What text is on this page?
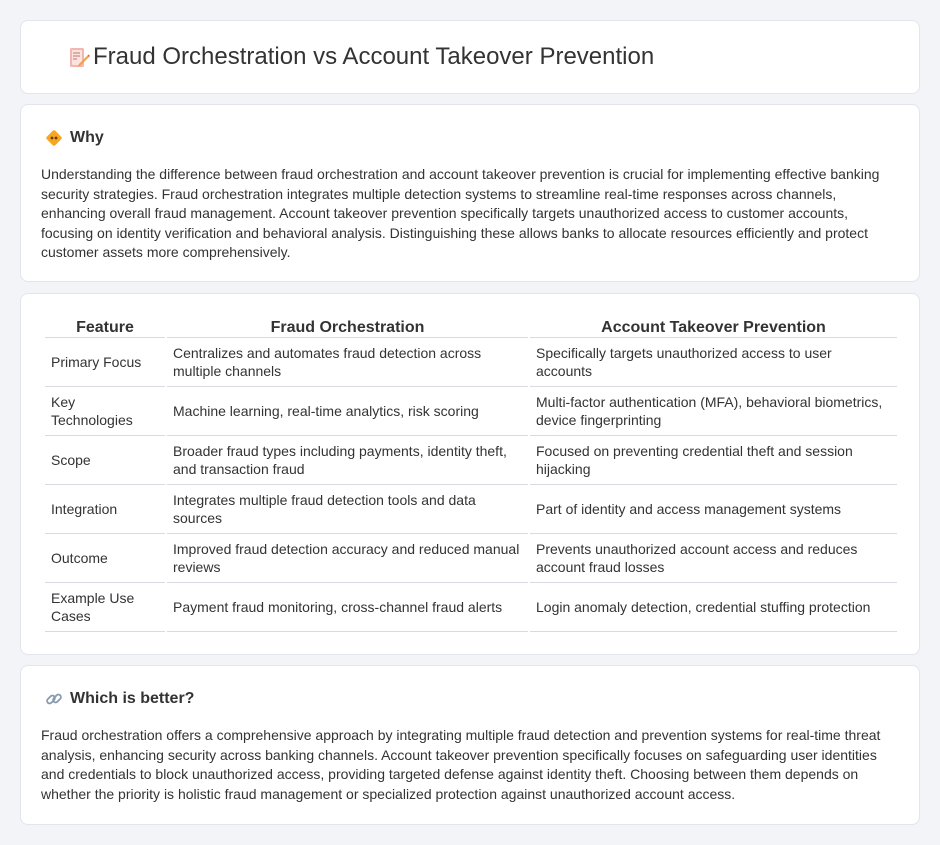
Fraud Orchestration vs Account Takeover Prevention
Why

Understanding the difference between fraud orchestration and account takeover prevention is crucial for implementing effective banking security strategies. Fraud orchestration integrates multiple detection systems to streamline real-time responses across channels, enhancing overall fraud management. Account takeover prevention specifically targets unauthorized access to customer accounts, focusing on identity verification and behavioral analysis. Distinguishing these allows banks to allocate resources efficiently and protect customer assets more comprehensively.

Feature	Fraud Orchestration	Account Takeover Prevention
Primary Focus	Centralizes and automates fraud detection across multiple channels	Specifically targets unauthorized access to user accounts
Key Technologies	Machine learning, real-time analytics, risk scoring	Multi-factor authentication (MFA), behavioral biometrics, device fingerprinting
Scope	Broader fraud types including payments, identity theft, and transaction fraud	Focused on preventing credential theft and session hijacking
Integration	Integrates multiple fraud detection tools and data sources	Part of identity and access management systems
Outcome	Improved fraud detection accuracy and reduced manual reviews	Prevents unauthorized account access and reduces account fraud losses
Example Use Cases	Payment fraud monitoring, cross-channel fraud alerts	Login anomaly detection, credential stuffing protection
Which is better?

Fraud orchestration offers a comprehensive approach by integrating multiple fraud detection and prevention systems for real-time threat analysis, enhancing security across banking channels. Account takeover prevention specifically focuses on safeguarding user identities and credentials to block unauthorized access, providing targeted defense against identity theft. Choosing between them depends on whether the priority is holistic fraud management or specialized protection against unauthorized account access.
